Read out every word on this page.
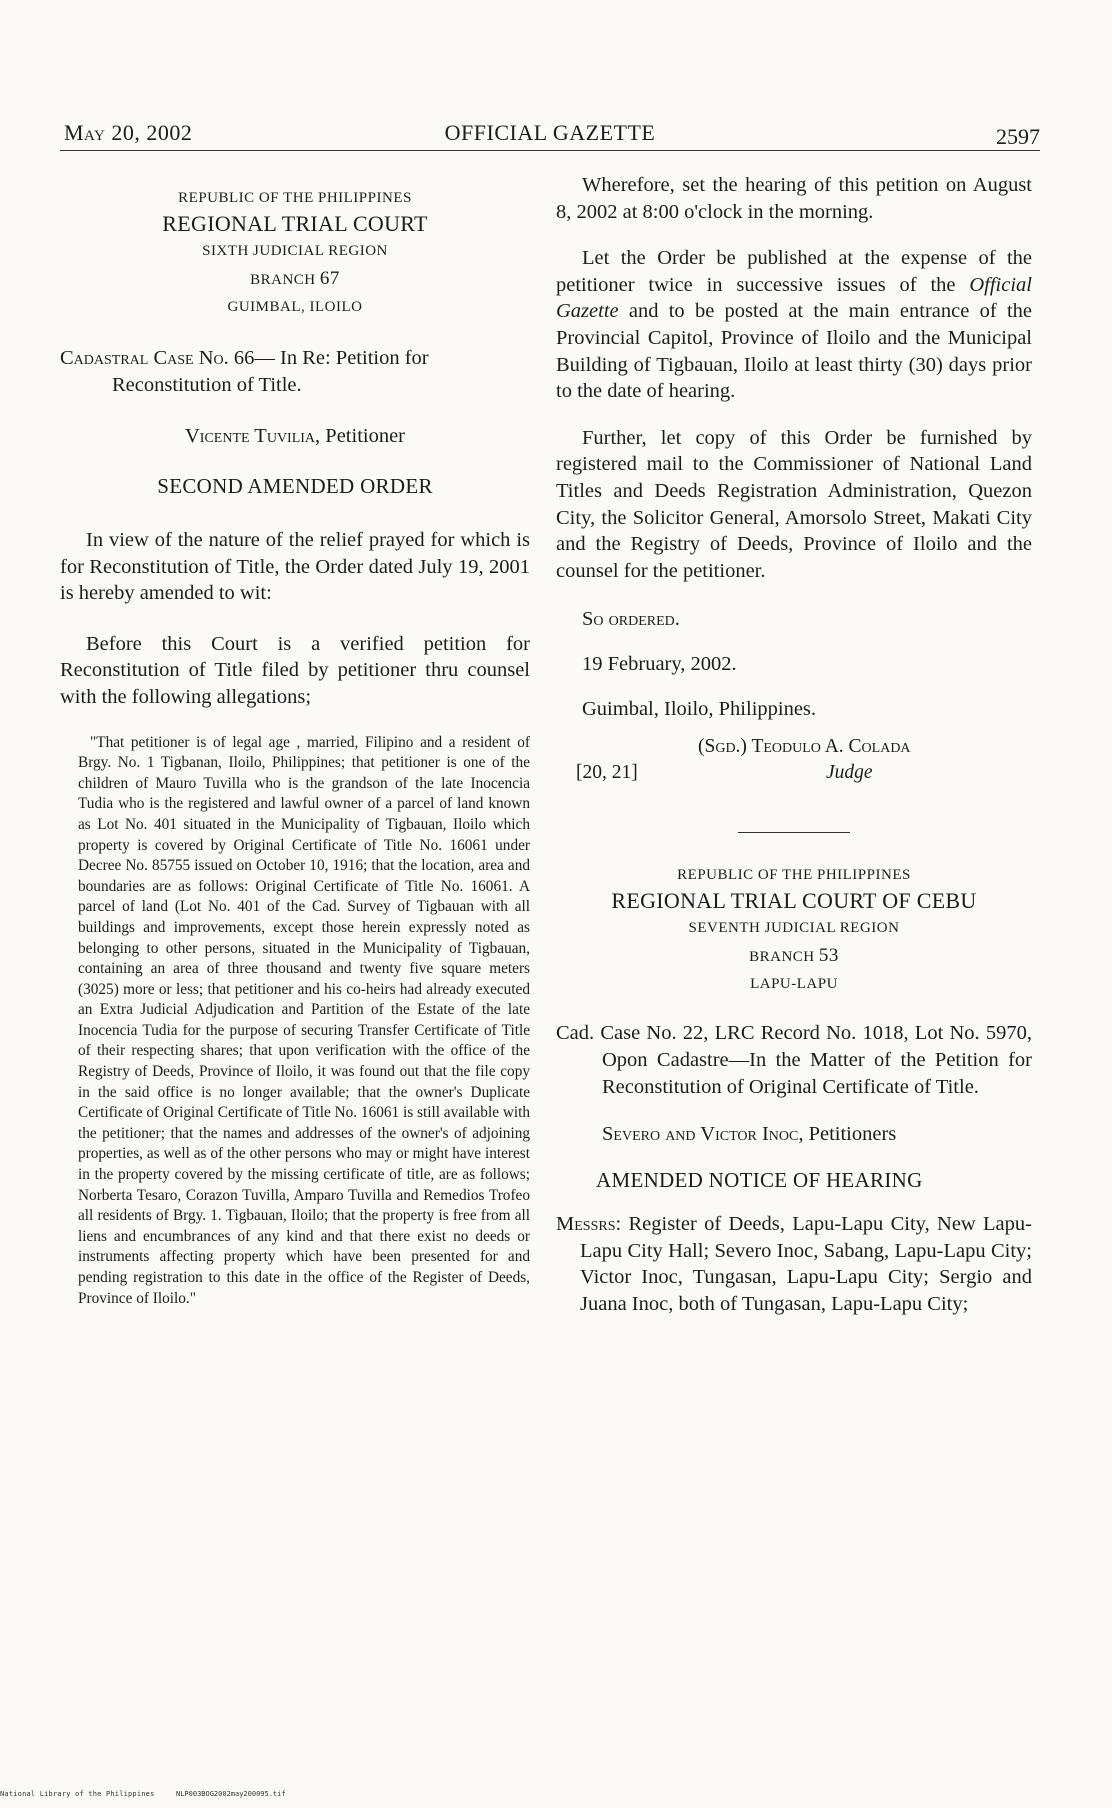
May 20, 2002	OFFICIAL GAZETTE	2597
REPUBLIC OF THE PHILIPPINES
REGIONAL TRIAL COURT
SIXTH JUDICIAL REGION
BRANCH 67
GUIMBAL, ILOILO
Cadastral Case No. 66— In Re: Petition for Reconstitution of Title.
Vicente Tuvilia, Petitioner
SECOND AMENDED ORDER

In view of the nature of the relief prayed for which is for Reconstitution of Title, the Order dated July 19, 2001 is hereby amended to wit:

Before this Court is a verified petition for Reconstitution of Title filed by petitioner thru counsel with the following allegations;

"That petitioner is of legal age , married, Filipino and a resident of Brgy. No. 1 Tigbanan, Iloilo, Philippines; that petitioner is one of the children of Mauro Tuvilla who is the grandson of the late Inocencia Tudia who is the registered and lawful owner of a parcel of land known as Lot No. 401 situated in the Municipality of Tigbauan, Iloilo which property is covered by Original Certificate of Title No. 16061 under Decree No. 85755 issued on October 10, 1916; that the location, area and boundaries are as follows: Original Certificate of Title No. 16061. A parcel of land (Lot No. 401 of the Cad. Survey of Tigbauan with all buildings and improvements, except those herein expressly noted as belonging to other persons, situated in the Municipality of Tigbauan, containing an area of three thousand and twenty five square meters (3025) more or less; that petitioner and his co-heirs had already executed an Extra Judicial Adjudication and Partition of the Estate of the late Inocencia Tudia for the purpose of securing Transfer Certificate of Title of their respecting shares; that upon verification with the office of the Registry of Deeds, Province of Iloilo, it was found out that the file copy in the said office is no longer available; that the owner's Duplicate Certificate of Original Certificate of Title No. 16061 is still available with the petitioner; that the names and addresses of the owner's of adjoining properties, as well as of the other persons who may or might have interest in the property covered by the missing certificate of title, are as follows; Norberta Tesaro, Corazon Tuvilla, Amparo Tuvilla and Remedios Trofeo all residents of Brgy. 1. Tigbauan, Iloilo; that the property is free from all liens and encumbrances of any kind and that there exist no deeds or instruments affecting property which have been presented for and pending registration to this date in the office of the Register of Deeds, Province of Iloilo."

Wherefore, set the hearing of this petition on August 8, 2002 at 8:00 o'clock in the morning.

Let the Order be published at the expense of the petitioner twice in successive issues of the Official Gazette and to be posted at the main entrance of the Provincial Capitol, Province of Iloilo and the Municipal Building of Tigbauan, Iloilo at least thirty (30) days prior to the date of hearing.

Further, let copy of this Order be furnished by registered mail to the Commissioner of National Land Titles and Deeds Registration Administration, Quezon City, the Solicitor General, Amorsolo Street, Makati City and the Registry of Deeds, Province of Iloilo and the counsel for the petitioner.

So ordered.

19 February, 2002.

Guimbal, Iloilo, Philippines.

(Sgd.) Teodulo A. Colada
[20, 21]	Judge
REPUBLIC OF THE PHILIPPINES
REGIONAL TRIAL COURT OF CEBU
SEVENTH JUDICIAL REGION
BRANCH 53
LAPU-LAPU
Cad. Case No. 22, LRC Record No. 1018, Lot No. 5970, Opon Cadastre—In the Matter of the Petition for Reconstitution of Original Certificate of Title.
Severo and Victor Inoc, Petitioners
AMENDED NOTICE OF HEARING
Messrs: Register of Deeds, Lapu-Lapu City, New Lapu-Lapu City Hall; Severo Inoc, Sabang, Lapu-Lapu City; Victor Inoc, Tungasan, Lapu-Lapu City; Sergio and Juana Inoc, both of Tungasan, Lapu-Lapu City;
National Library of the Philippines	NLP003BOG2002may200095.tif
